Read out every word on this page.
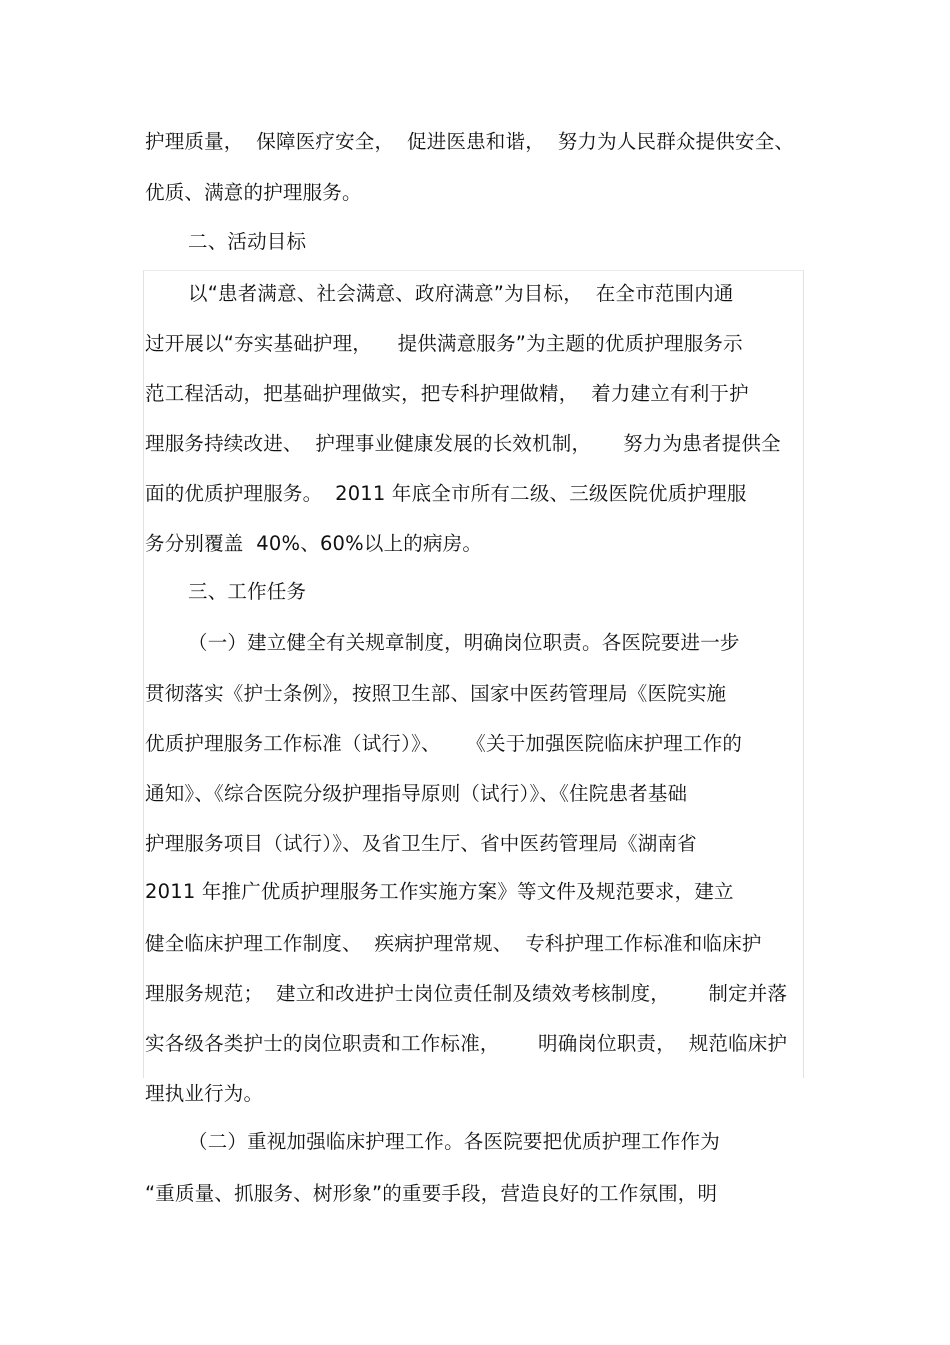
护理质量，  保障医疗安全，  促进医患和谐，  努力为人民群众提供安全、
优质、满意的护理服务。
二、活动目标
以“患者满意、社会满意、政府满意”为目标，  在全市范围内通
过开展以“夯实基础护理，    提供满意服务”为主题的优质护理服务示
范工程活动，把基础护理做实，把专科护理做精，  着力建立有利于护
理服务持续改进、  护理事业健康发展的长效机制，     努力为患者提供全
面的优质护理服务。  2011 年底全市所有二级、三级医院优质护理服
务分别覆盖  40%、60%以上的病房。
三、工作任务
（一）建立健全有关规章制度，明确岗位职责。各医院要进一步
贯彻落实《护士条例》，按照卫生部、国家中医药管理局《医院实施
优质护理服务工作标准（试行）》、    《关于加强医院临床护理工作的
通知》、《综合医院分级护理指导原则（试行）》、《住院患者基础
护理服务项目（试行）》、及省卫生厅、省中医药管理局《湖南省
2011 年推广优质护理服务工作实施方案》等文件及规范要求，建立
健全临床护理工作制度、  疾病护理常规、  专科护理工作标准和临床护
理服务规范；  建立和改进护士岗位责任制及绩效考核制度，      制定并落
实各级各类护士的岗位职责和工作标准，      明确岗位职责，  规范临床护
理执业行为。
（二）重视加强临床护理工作。各医院要把优质护理工作作为
“重质量、抓服务、树形象”的重要手段，营造良好的工作氛围，明
